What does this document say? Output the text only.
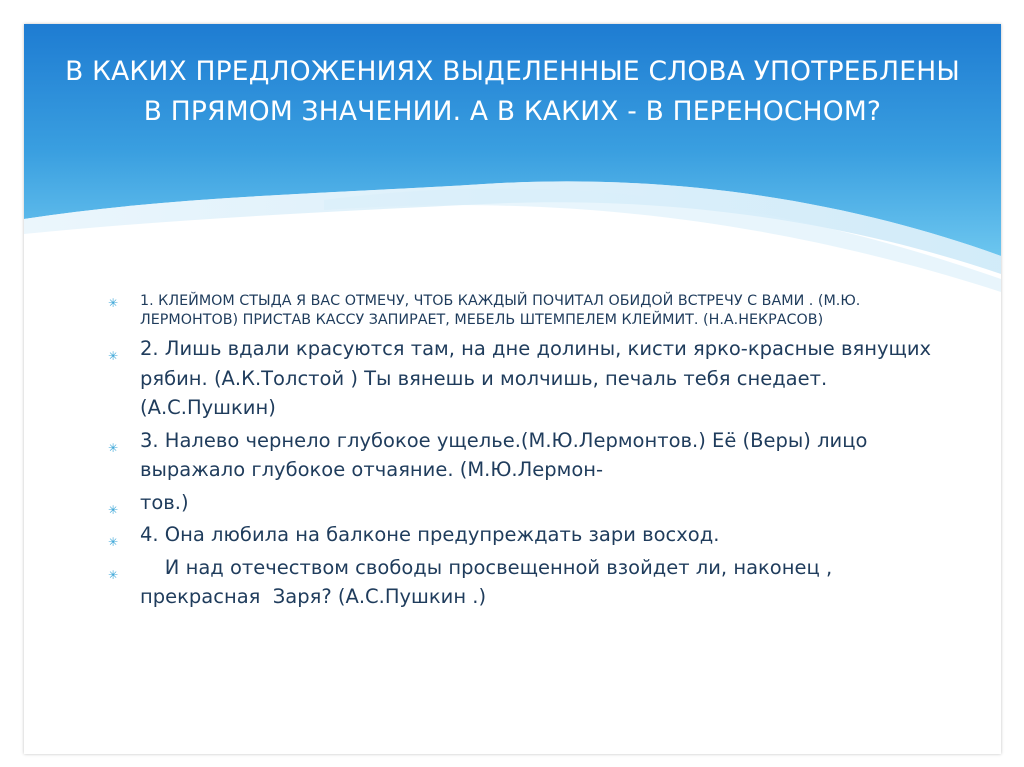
В КАКИХ ПРЕДЛОЖЕНИЯХ ВЫДЕЛЕННЫЕ СЛОВА УПОТРЕБЛЕНЫ В ПРЯМОМ ЗНАЧЕНИИ. А В КАКИХ - В ПЕРЕНОСНОМ?
✳ 1. КЛЕЙМОМ СТЫДА Я ВАС ОТМЕЧУ, ЧТОБ КАЖДЫЙ ПОЧИТАЛ ОБИДОЙ ВСТРЕЧУ С ВАМИ . (М.Ю. ЛЕРМОНТОВ) ПРИСТАВ КАССУ ЗАПИРАЕТ, МЕБЕЛЬ ШТЕМПЕЛЕМ КЛЕЙМИТ. (Н.А.НЕКРАСОВ)
✳ 2. Лишь вдали красуются там, на дне долины, кисти ярко-красные вянущих рябин. (А.К.Толстой ) Ты вянешь и молчишь, печаль тебя снедает. (А.С.Пушкин)
✳ 3. Налево чернело глубокое ущелье.(М.Ю.Лермонтов.) Её (Веры) лицо выражало глубокое отчаяние. (М.Ю.Лермон-
✳ тов.)
✳ 4. Она любила на балконе предупреждать зари восход.
✳ И над отечеством свободы просвещенной взойдет ли, наконец , прекрасная  Заря? (А.С.Пушкин .)
